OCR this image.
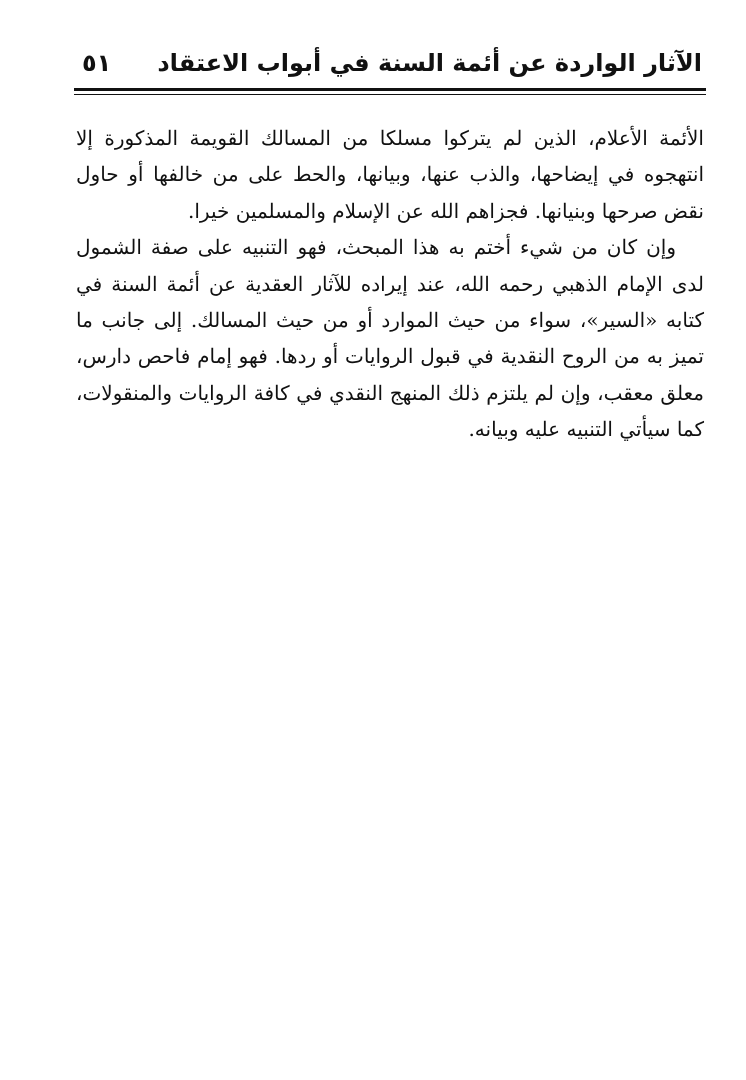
الآثار الواردة عن أئمة السنة في أبواب الاعتقاد
٥١

الأئمة الأعلام، الذين لم يتركوا مسلكا من المسالك القويمة المذكورة إلا انتهجوه في إيضاحها، والذب عنها، وبيانها، والحط على من خالفها أو حاول نقض صرحها وبنيانها. فجزاهم الله عن الإسلام والمسلمين خيرا.

وإن كان من شيء أختم به هذا المبحث، فهو التنبيه على صفة الشمول لدى الإمام الذهبي رحمه الله، عند إيراده للآثار العقدية عن أئمة السنة في كتابه «السير»، سواء من حيث الموارد أو من حيث المسالك. إلى جانب ما تميز به من الروح النقدية في قبول الروايات أو ردها. فهو إمام فاحص دارس، معلق معقب، وإن لم يلتزم ذلك المنهج النقدي في كافة الروايات والمنقولات، كما سيأتي التنبيه عليه وبيانه.
